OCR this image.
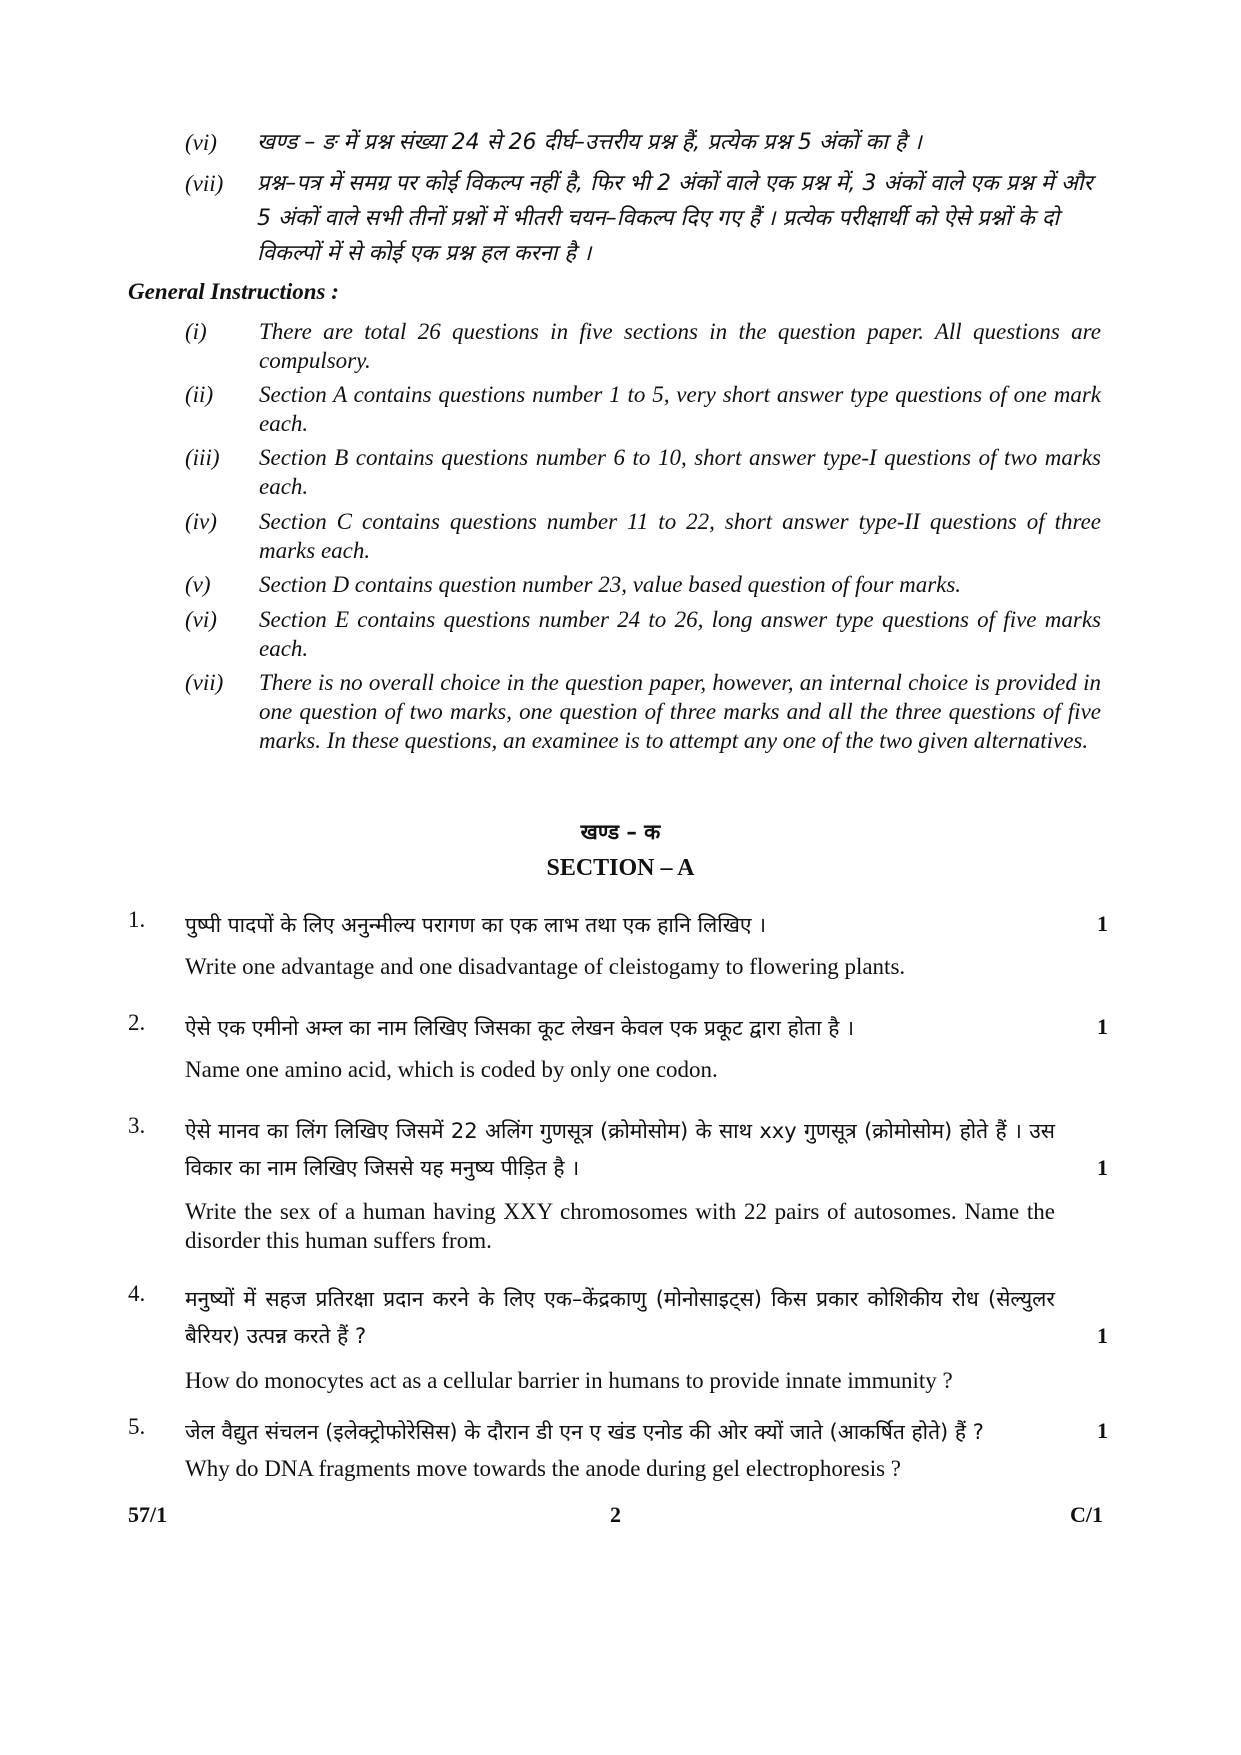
(vi)	खण्ड – ङ में प्रश्न संख्या 24 से 26 दीर्घ–उत्तरीय प्रश्न हैं, प्रत्येक प्रश्न 5 अंकों का है ।
(vii)	प्रश्न–पत्र में समग्र पर कोई विकल्प नहीं है, फिर भी 2 अंकों वाले एक प्रश्न में, 3 अंकों वाले एक प्रश्न में और 5 अंकों वाले सभी तीनों प्रश्नों में भीतरी चयन–विकल्प दिए गए हैं । प्रत्येक परीक्षार्थी को ऐसे प्रश्नों के दो विकल्पों में से कोई एक प्रश्न हल करना है ।
General Instructions :
(i)	There are total 26 questions in five sections in the question paper. All questions are compulsory.
(ii)	Section A contains questions number 1 to 5, very short answer type questions of one mark each.
(iii)	Section B contains questions number 6 to 10, short answer type-I questions of two marks each.
(iv)	Section C contains questions number 11 to 22, short answer type-II questions of three marks each.
(v)	Section D contains question number 23, value based question of four marks.
(vi)	Section E contains questions number 24 to 26, long answer type questions of five marks each.
(vii)	There is no overall choice in the question paper, however, an internal choice is provided in one question of two marks, one question of three marks and all the three questions of five marks. In these questions, an examinee is to attempt any one of the two given alternatives.
खण्ड – क
SECTION – A
1. पुष्पी पादपों के लिए अनुन्मील्य परागण का एक लाभ तथा एक हानि लिखिए ।
Write one advantage and one disadvantage of cleistogamy to flowering plants.
1
2. ऐसे एक एमीनो अम्ल का नाम लिखिए जिसका कूट लेखन केवल एक प्रकूट द्वारा होता है ।
Name one amino acid, which is coded by only one codon.
1
3. ऐसे मानव का लिंग लिखिए जिसमें 22 अलिंग गुणसूत्र (क्रोमोसोम) के साथ xxy गुणसूत्र (क्रोमोसोम) होते हैं । उस विकार का नाम लिखिए जिससे यह मनुष्य पीड़ित है ।
Write the sex of a human having XXY chromosomes with 22 pairs of autosomes. Name the disorder this human suffers from.
1
4. मनुष्यों में सहज प्रतिरक्षा प्रदान करने के लिए एक–केंद्रकाणु (मोनोसाइट्स) किस प्रकार कोशिकीय रोध (सेल्युलर बैरियर) उत्पन्न करते हैं ?
How do monocytes act as a cellular barrier in humans to provide innate immunity ?
1
5. जेल वैद्युत संचलन (इलेक्ट्रोफोरेसिस) के दौरान डी एन ए खंड एनोड की ओर क्यों जाते (आकर्षित होते) हैं ?
Why do DNA fragments move towards the anode during gel electrophoresis ?
1
57/1	2	C/1
